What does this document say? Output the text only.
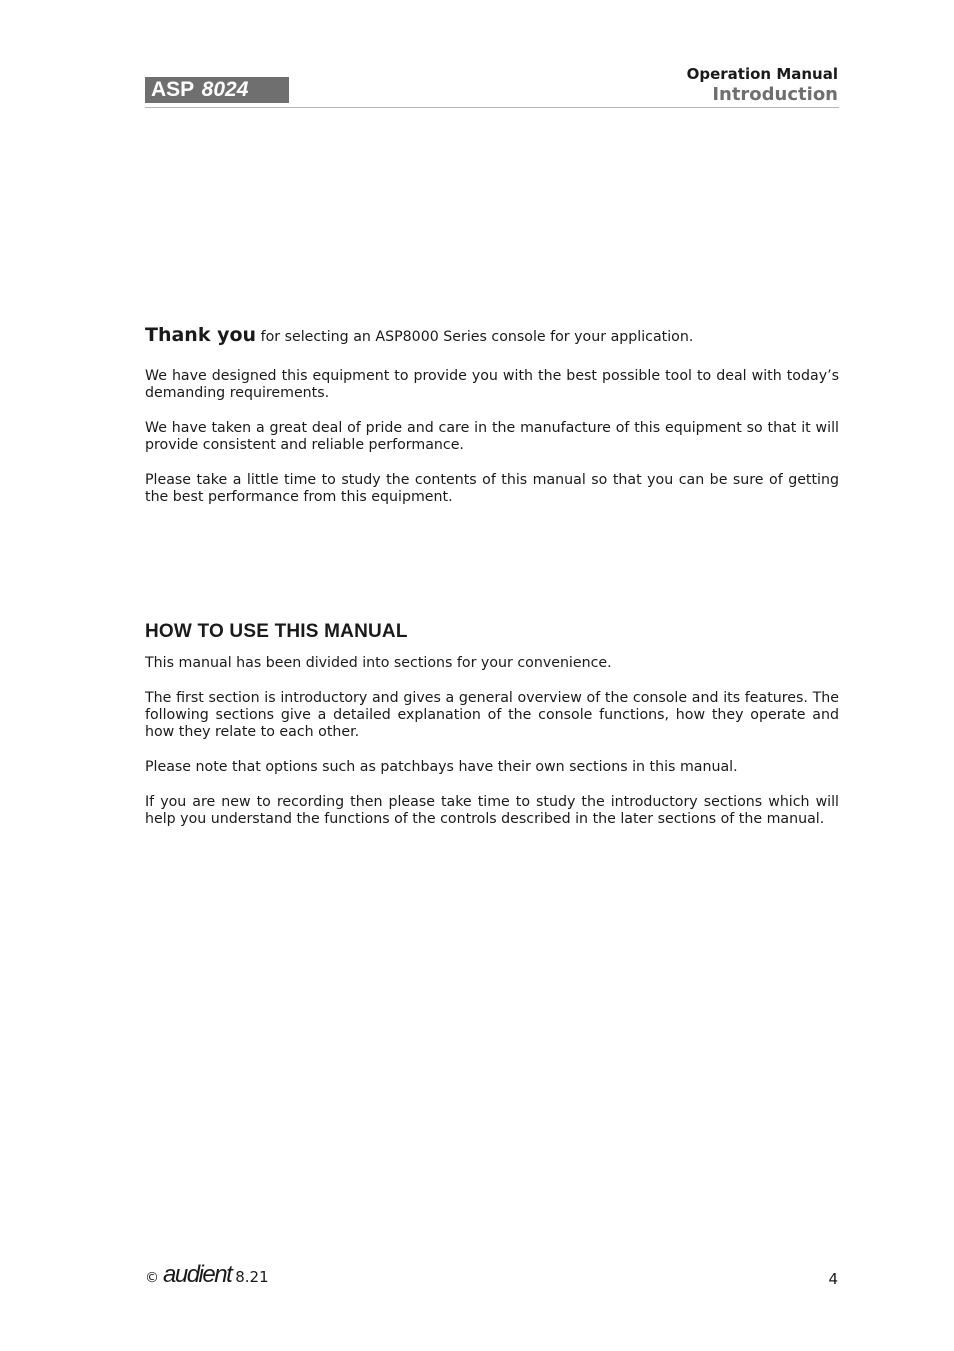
ASP 8024
Operation Manual
Introduction

Thank you for selecting an ASP8000 Series console for your application.

We have designed this equipment to provide you with the best possible tool to deal with today’s demanding requirements.

We have taken a great deal of pride and care in the manufacture of this equipment so that it will provide consistent and reliable performance.

Please take a little time to study the contents of this manual so that you can be sure of getting the best performance from this equipment.

HOW TO USE THIS MANUAL

This manual has been divided into sections for your convenience.

The first section is introductory and gives a general overview of the console and its features. The following sections give a detailed explanation of the console functions, how they operate and how they relate to each other.

Please note that options such as patchbays have their own sections in this manual.

If you are new to recording then please take time to study the introductory sections which will help you understand the functions of the controls described in the later sections of the manual.

© audient 8.21	4
